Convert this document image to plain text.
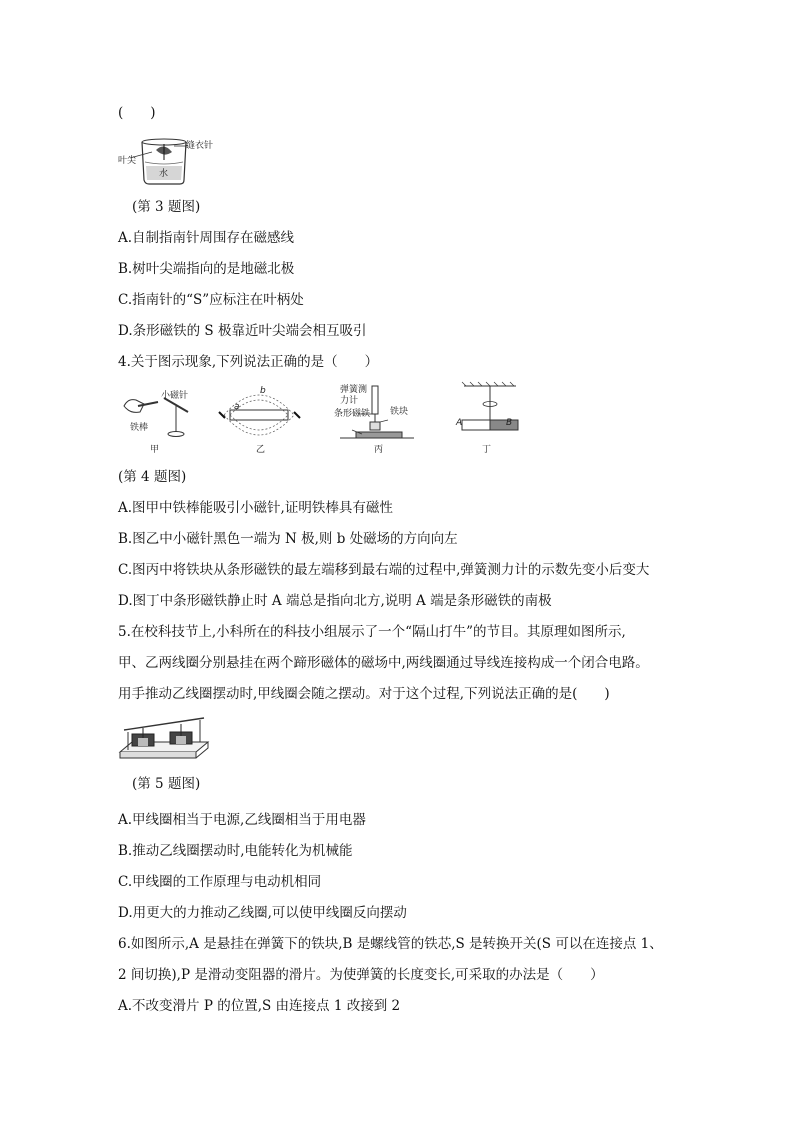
(　　)
缝衣针
叶尖
水
(第 3 题图)
A.自制指南针周围存在磁感线
B.树叶尖端指向的是地磁北极
C.指南针的“S”应标注在叶柄处
D.条形磁铁的 S 极靠近叶尖端会相互吸引
4.关于图示现象,下列说法正确的是（　　）
小磁针
铁棒
甲
a
b
乙
弹簧测
力计
条形磁铁 铁块
丙
A	B
丁
(第 4 题图)
A.图甲中铁棒能吸引小磁针,证明铁棒具有磁性
B.图乙中小磁针黑色一端为 N 极,则 b 处磁场的方向向左
C.图丙中将铁块从条形磁铁的最左端移到最右端的过程中,弹簧测力计的示数先变小后变大
D.图丁中条形磁铁静止时 A 端总是指向北方,说明 A 端是条形磁铁的南极
5.在校科技节上,小科所在的科技小组展示了一个“隔山打牛”的节目。其原理如图所示,
甲、乙两线圈分别悬挂在两个蹄形磁体的磁场中,两线圈通过导线连接构成一个闭合电路。
用手推动乙线圈摆动时,甲线圈会随之摆动。对于这个过程,下列说法正确的是(　　)
(第 5 题图)
A.甲线圈相当于电源,乙线圈相当于用电器
B.推动乙线圈摆动时,电能转化为机械能
C.甲线圈的工作原理与电动机相同
D.用更大的力推动乙线圈,可以使甲线圈反向摆动
6.如图所示,A 是悬挂在弹簧下的铁块,B 是螺线管的铁芯,S 是转换开关(S 可以在连接点 1、
2 间切换),P 是滑动变阻器的滑片。为使弹簧的长度变长,可采取的办法是（　　）
A.不改变滑片 P 的位置,S 由连接点 1 改接到 2
